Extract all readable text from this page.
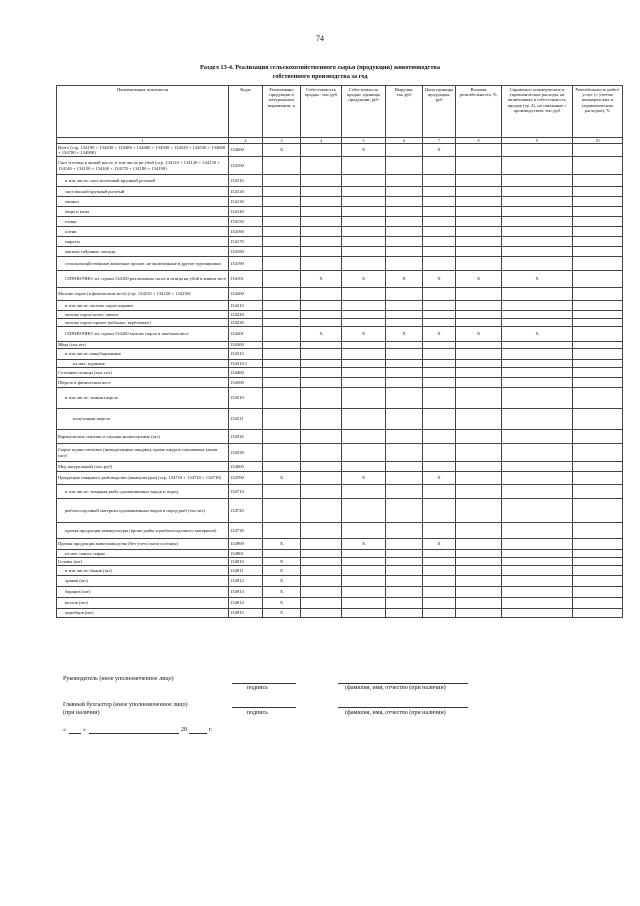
74
Раздел 13-4. Реализация сельскохозяйственного сырья (продукции) животноводства
собственного производства за год
Наименование показателя	Коды	Реализовано продукции в натуральном выражении, ц	Себестоимость продан., тыс.руб	Себестоимость продан. единицы продукции, руб	Выручка, тыс.руб	Цена единицы продукции, руб	Валовая рентабельность, %	Справочно: коммерческие и управленческие расходы, не включенные в себестоимость продаж (гр. 4), но связанные с производством, тыс.руб	Рентабельность работ/услуг (с учетом коммерческих и управленческих расходов), %
1	2	3	4	5	6	7	8	9	10
Всего (стр. 134100 + 134200 + 134300 + 134400 + 134500 + 134520 + 134530 + 134600 + 134700 + 134900)	134000	X		X		X			
Скот и птица в живой массе, в том числе на убой (стр. 134110 + 134120 + 134130 + 134140 + 134150 + 134160 + 134170 + 134180 + 134190)	134100								
в том числе: скот молочный крупный рогатый	134110								
скот мясной крупный рогатый	134120								
свиньи	134130								
овцы и козы	134140								
птица	134150								
олени	134160								
маралы	134170								
мясные табунные лошади	134180								
сельскохозяйственные животные прочие, не включенные в другие группировки	134190								
СПРАВОЧНО: из строки 134100 реализовано скота и птицы на убой в живом весе	134101		X	X	X	X	X	X	
Молоко сырое (в физическом весе) (стр. 134210 + 134220 + 134230)	134200								
в том числе: молоко сырое коровье	134210								
молоко сырое козье, овечье	134220								
молоко сырое прочее (кобылье, верблюжье)	134230								
СПРАВОЧНО: из строки 134200 молоко сырое в зачетном весе	134201		X	X	X	X	X	X	
Яйца (тыс.шт)	134300								
в том числе: инкубационные	134310								
из них: куриные	134310.1								
Суточные птенцы (тыс.гол)	134400								
Шерсть в физическом весе	134500								
в том числе: тонкая шерсть	134510								
полутонкая шерсть	134511								
Каракульские смушки и смушки низкосортные (шт)	134520								
Сырье пушно-меховое (невыделанные шкурки), кроме шкурок смушковых мехов (шт)	134530								
Мед натуральный (тыс.руб)	134600								
Продукция товарного рыбоводства (аквакультуры) (стр. 134710 + 134720 + 134730)	134700	X		X		X			
в том числе: товарная рыба одомашненных видов и пород	134710								
рыбопосадочный материал одомашненных видов и пород рыб (тыс.шт)	134720								
прочая продукция аквакультуры (кроме рыбы и рыбопосадочного материала)	134730								
Прочая продукция животноводства (без учета скота и птицы)	134900	X		X		X			
из нее: панты сырые	134901								
Головы (шт)	134910	X							
в том числе: быков (шт)	134911	X							
хряков (шт)	134912	X							
баранов (шт)	134913	X							
козлов (шт)	134914	X							
жеребцов (шт)	134915	X							
Руководитель (иное уполномоченное лицо)
подпись	(фамилия, имя, отчество (при наличии)
Главный бухгалтер (иное уполномоченное лицо)
(при наличии)	подпись	(фамилия, имя, отчество (при наличии)
«	»	20	г.
